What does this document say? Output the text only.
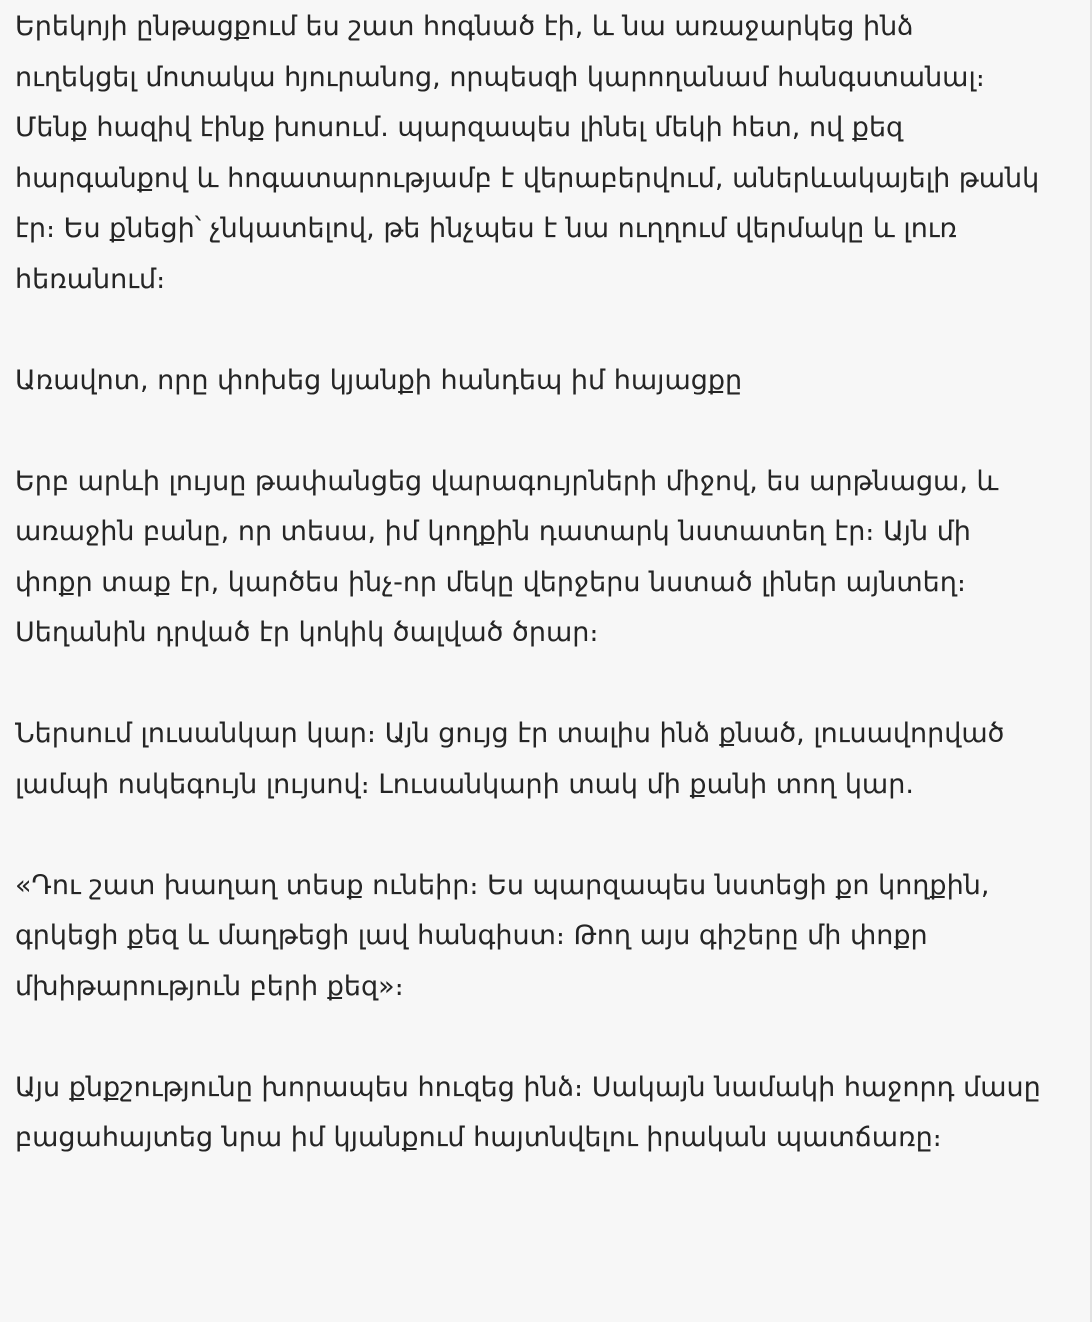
Երեկոյի ընթացքում ես շատ հոգնած էի, և նա առաջարկեց ինձ ուղեկցել մոտակա հյուրանոց, որպեսզի կարողանամ հանգստանալ։ Մենք հազիվ էինք խոսում. պարզապես լինել մեկի հետ, ով քեզ հարգանքով և հոգատարությամբ է վերաբերվում, աներևակայելի թանկ էր։ Ես քնեցի՝ չնկատելով, թե ինչպես է նա ուղղում վերմակը և լուռ հեռանում։

Առավոտ, որը փոխեց կյանքի հանդեպ իմ հայացքը

Երբ արևի լույսը թափանցեց վարագույրների միջով, ես արթնացա, և առաջին բանը, որ տեսա, իմ կողքին դատարկ նստատեղ էր։ Այն մի փոքր տաք էր, կարծես ինչ-որ մեկը վերջերս նստած լիներ այնտեղ։ Սեղանին դրված էր կոկիկ ծալված ծրար։

Ներսում լուսանկար կար։ Այն ցույց էր տալիս ինձ քնած, լուսավորված լամպի ոսկեգույն լույսով։ Լուսանկարի տակ մի քանի տող կար.

«Դու շատ խաղաղ տեսք ունեիր։ Ես պարզապես նստեցի քո կողքին, գրկեցի քեզ և մաղթեցի լավ հանգիստ։ Թող այս գիշերը մի փոքր մխիթարություն բերի քեզ»։

Այս քնքշությունը խորապես հուզեց ինձ։ Սակայն նամակի հաջորդ մասը բացահայտեց նրա իմ կյանքում հայտնվելու իրական պատճառը։
